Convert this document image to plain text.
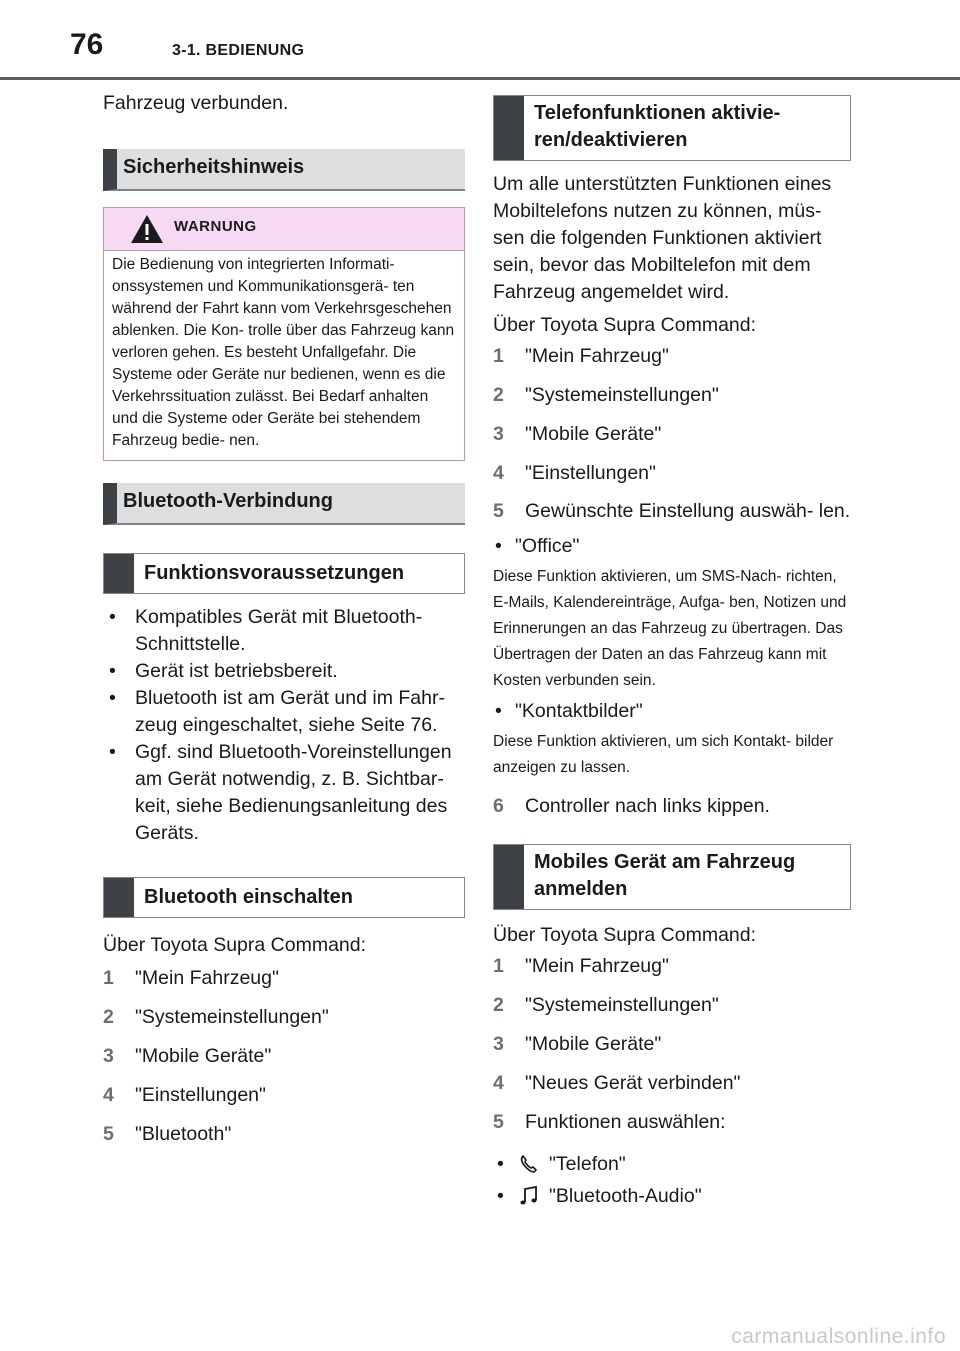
76	3-1. BEDIENUNG

Fahrzeug verbunden.

Sicherheitshinweis
WARNUNG
Die Bedienung von integrierten Informati- onssystemen und Kommunikationsgerä- ten während der Fahrt kann vom Verkehrsgeschehen ablenken. Die Kon- trolle über das Fahrzeug kann verloren gehen. Es besteht Unfallgefahr. Die Systeme oder Geräte nur bedienen, wenn es die Verkehrssituation zulässt. Bei Bedarf anhalten und die Systeme oder Geräte bei stehendem Fahrzeug bedie- nen.
Bluetooth-Verbindung
Funktionsvoraussetzungen
• Kompatibles Gerät mit Bluetooth-Schnittstelle.
• Gerät ist betriebsbereit.
• Bluetooth ist am Gerät und im Fahr- zeug eingeschaltet, siehe Seite 76.
• Ggf. sind Bluetooth-Voreinstellungen am Gerät notwendig, z. B. Sichtbar- keit, siehe Bedienungsanleitung des Geräts.
Bluetooth einschalten

Über Toyota Supra Command:

1	"Mein Fahrzeug"
2	"Systemeinstellungen"
3	"Mobile Geräte"
4	"Einstellungen"
5	"Bluetooth"
Telefonfunktionen aktivie- ren/deaktivieren

Um alle unterstützten Funktionen eines Mobiltelefons nutzen zu können, müs- sen die folgenden Funktionen aktiviert sein, bevor das Mobiltelefon mit dem Fahrzeug angemeldet wird.

Über Toyota Supra Command:

1	"Mein Fahrzeug"
2	"Systemeinstellungen"
3	"Mobile Geräte"
4	"Einstellungen"
5	Gewünschte Einstellung auswäh- len.
• "Office"

Diese Funktion aktivieren, um SMS-Nach- richten, E-Mails, Kalendereinträge, Aufga- ben, Notizen und Erinnerungen an das Fahrzeug zu übertragen. Das Übertragen der Daten an das Fahrzeug kann mit Kosten verbunden sein.

• "Kontaktbilder"

Diese Funktion aktivieren, um sich Kontakt- bilder anzeigen zu lassen.

6	Controller nach links kippen.
Mobiles Gerät am Fahrzeug anmelden

Über Toyota Supra Command:

1	"Mein Fahrzeug"
2	"Systemeinstellungen"
3	"Mobile Geräte"
4	"Neues Gerät verbinden"
5	Funktionen auswählen:
•	"Telefon"
•	"Bluetooth-Audio"
carmanualsonline.info
